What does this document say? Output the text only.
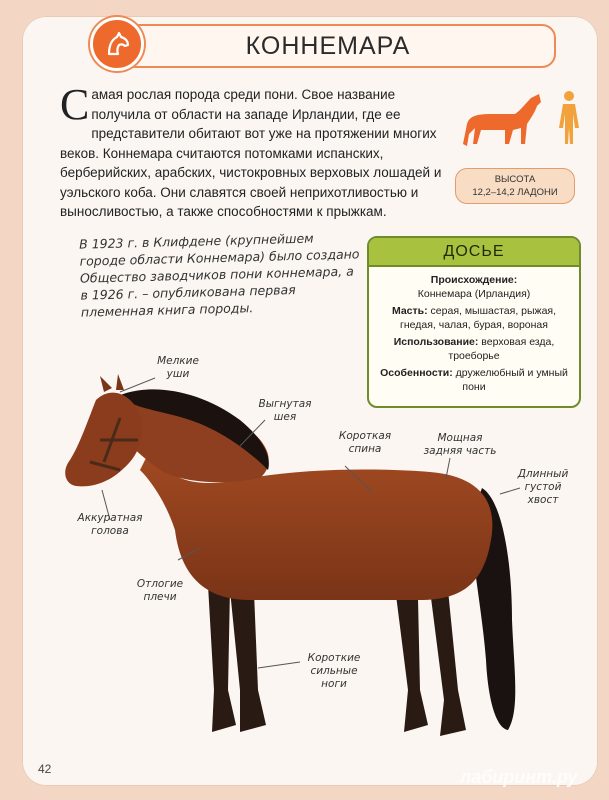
КОННЕМАРА
Самая рослая порода среди пони. Свое название получила от области на западе Ирландии, где ее представители обитают вот уже на протяжении многих веков. Коннемара считаются потомками испанских, берберийских, арабских, чистокровных верховых лошадей и уэльского коба. Они славятся своей неприхотливостью и выносливостью, а также способностями к прыжкам.
ВЫСОТА
12,2–14,2 ЛАДОНИ
В 1923 г. в Клифдене (крупнейшем городе области Коннемара) было создано Общество заводчиков пони коннемара, а в 1926 г. – опубликована первая племенная книга породы.
ДОСЬЕ

Происхождение:
Коннемара (Ирландия)

Масть: серая, мышастая, рыжая, гнедая, чалая, бурая, вороная

Использование: верховая езда, троеборье

Особенности: дружелюбный и умный пони

Мелкие уши
Выгнутая шея
Короткая спина
Мощная задняя часть
Длинный густой хвост
Аккуратная голова
Отлогие плечи
Короткие сильные ноги
42	лабиринт.ру
